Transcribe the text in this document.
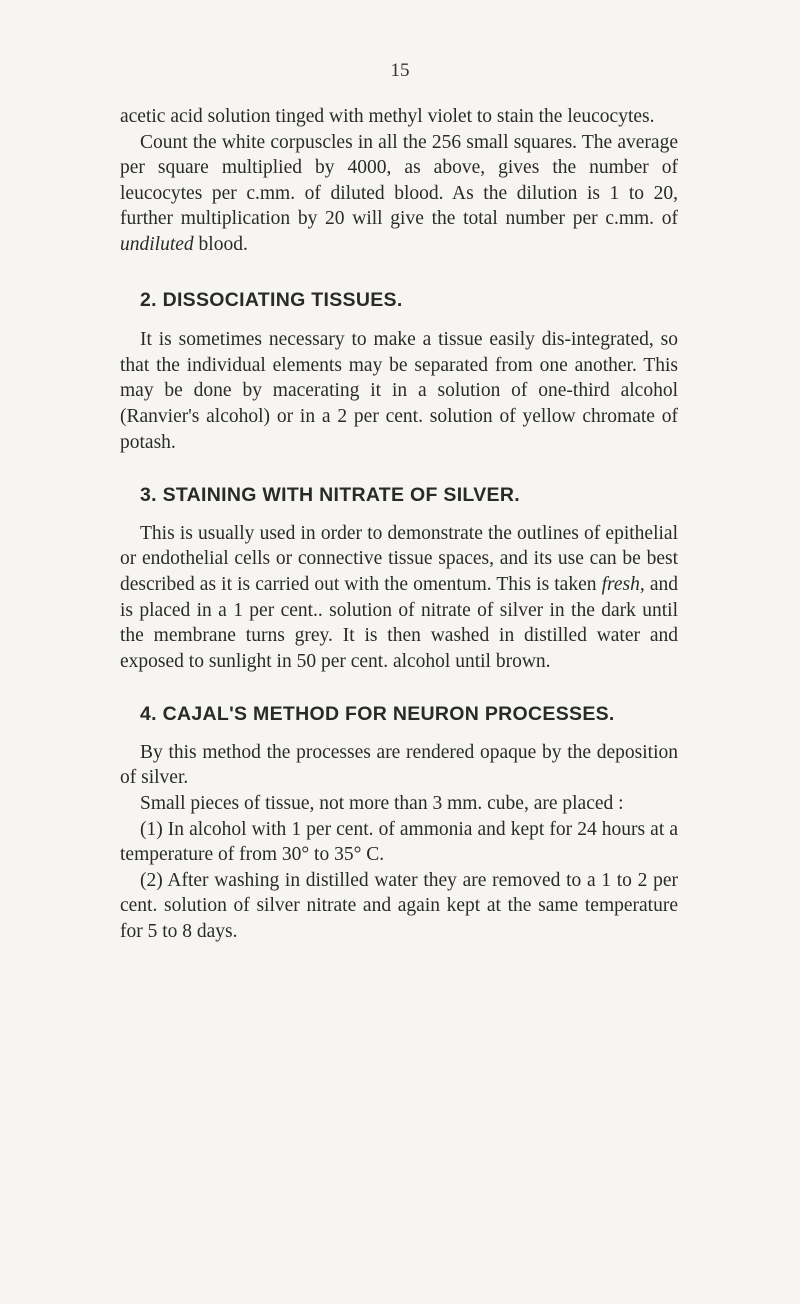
15

acetic acid solution tinged with methyl violet to stain the leucocytes.

Count the white corpuscles in all the 256 small squares. The average per square multiplied by 4000, as above, gives the number of leucocytes per c.mm. of diluted blood. As the dilution is 1 to 20, further multiplication by 20 will give the total number per c.mm. of undiluted blood.

2. DISSOCIATING TISSUES.

It is sometimes necessary to make a tissue easily dis-integrated, so that the individual elements may be separated from one another. This may be done by macerating it in a solution of one-third alcohol (Ranvier's alcohol) or in a 2 per cent. solution of yellow chromate of potash.

3. STAINING WITH NITRATE OF SILVER.

This is usually used in order to demonstrate the outlines of epithelial or endothelial cells or connective tissue spaces, and its use can be best described as it is carried out with the omentum. This is taken fresh, and is placed in a 1 per cent.. solution of nitrate of silver in the dark until the membrane turns grey. It is then washed in distilled water and exposed to sunlight in 50 per cent. alcohol until brown.

4. CAJAL'S METHOD FOR NEURON PROCESSES.

By this method the processes are rendered opaque by the deposition of silver.

Small pieces of tissue, not more than 3 mm. cube, are placed :

(1) In alcohol with 1 per cent. of ammonia and kept for 24 hours at a temperature of from 30° to 35° C.

(2) After washing in distilled water they are removed to a 1 to 2 per cent. solution of silver nitrate and again kept at the same temperature for 5 to 8 days.
